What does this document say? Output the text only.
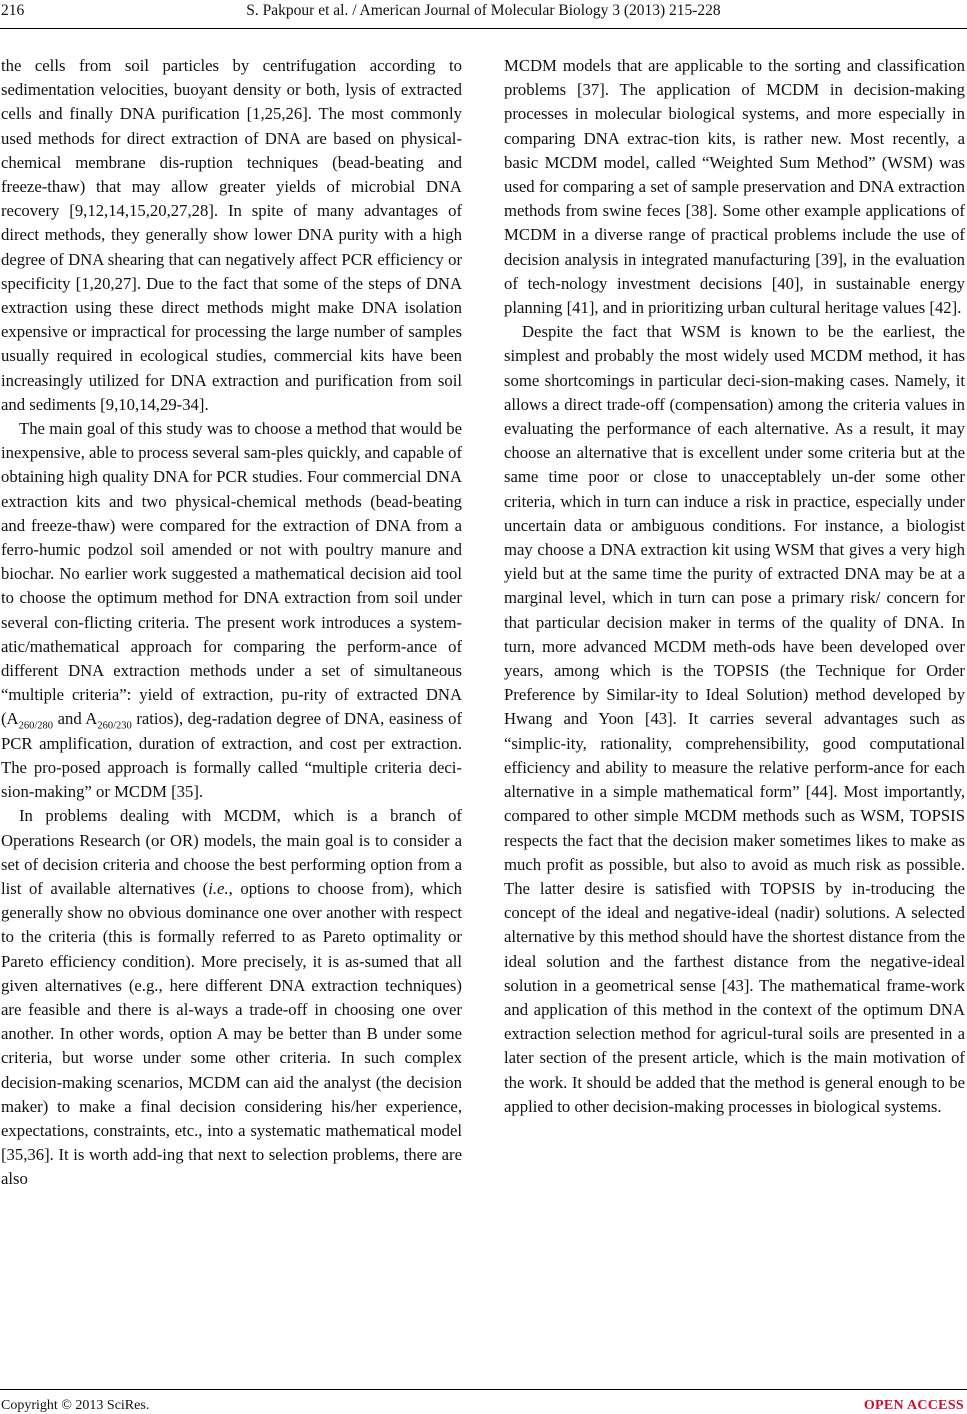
216	S. Pakpour et al. / American Journal of Molecular Biology 3 (2013) 215-228

the cells from soil particles by centrifugation according to sedimentation velocities, buoyant density or both, lysis of extracted cells and finally DNA purification [1,25,26]. The most commonly used methods for direct extraction of DNA are based on physical-chemical membrane dis-ruption techniques (bead-beating and freeze-thaw) that may allow greater yields of microbial DNA recovery [9,12,14,15,20,27,28]. In spite of many advantages of direct methods, they generally show lower DNA purity with a high degree of DNA shearing that can negatively affect PCR efficiency or specificity [1,20,27]. Due to the fact that some of the steps of DNA extraction using these direct methods might make DNA isolation expensive or impractical for processing the large number of samples usually required in ecological studies, commercial kits have been increasingly utilized for DNA extraction and purification from soil and sediments [9,10,14,29-34].

The main goal of this study was to choose a method that would be inexpensive, able to process several sam-ples quickly, and capable of obtaining high quality DNA for PCR studies. Four commercial DNA extraction kits and two physical-chemical methods (bead-beating and freeze-thaw) were compared for the extraction of DNA from a ferro-humic podzol soil amended or not with poultry manure and biochar. No earlier work suggested a mathematical decision aid tool to choose the optimum method for DNA extraction from soil under several con-flicting criteria. The present work introduces a system-atic/mathematical approach for comparing the perform-ance of different DNA extraction methods under a set of simultaneous “multiple criteria”: yield of extraction, pu-rity of extracted DNA ($A_{260/280}$ and $A_{260/230}$ ratios), deg-radation degree of DNA, easiness of PCR amplification, duration of extraction, and cost per extraction. The pro-posed approach is formally called “multiple criteria deci-sion-making” or MCDM [35].

In problems dealing with MCDM, which is a branch of Operations Research (or OR) models, the main goal is to consider a set of decision criteria and choose the best performing option from a list of available alternatives (i.e., options to choose from), which generally show no obvious dominance one over another with respect to the criteria (this is formally referred to as Pareto optimality or Pareto efficiency condition). More precisely, it is as-sumed that all given alternatives (e.g., here different DNA extraction techniques) are feasible and there is al-ways a trade-off in choosing one over another. In other words, option A may be better than B under some criteria, but worse under some other criteria. In such complex decision-making scenarios, MCDM can aid the analyst (the decision maker) to make a final decision considering his/her experience, expectations, constraints, etc., into a systematic mathematical model [35,36]. It is worth add-ing that next to selection problems, there are also

MCDM models that are applicable to the sorting and classification problems [37]. The application of MCDM in decision-making processes in molecular biological systems, and more especially in comparing DNA extrac-tion kits, is rather new. Most recently, a basic MCDM model, called “Weighted Sum Method” (WSM) was used for comparing a set of sample preservation and DNA extraction methods from swine feces [38]. Some other example applications of MCDM in a diverse range of practical problems include the use of decision analysis in integrated manufacturing [39], in the evaluation of tech-nology investment decisions [40], in sustainable energy planning [41], and in prioritizing urban cultural heritage values [42].

Despite the fact that WSM is known to be the earliest, the simplest and probably the most widely used MCDM method, it has some shortcomings in particular deci-sion-making cases. Namely, it allows a direct trade-off (compensation) among the criteria values in evaluating the performance of each alternative. As a result, it may choose an alternative that is excellent under some criteria but at the same time poor or close to unacceptablely un-der some other criteria, which in turn can induce a risk in practice, especially under uncertain data or ambiguous conditions. For instance, a biologist may choose a DNA extraction kit using WSM that gives a very high yield but at the same time the purity of extracted DNA may be at a marginal level, which in turn can pose a primary risk/ concern for that particular decision maker in terms of the quality of DNA. In turn, more advanced MCDM meth-ods have been developed over years, among which is the TOPSIS (the Technique for Order Preference by Similar-ity to Ideal Solution) method developed by Hwang and Yoon [43]. It carries several advantages such as “simplic-ity, rationality, comprehensibility, good computational efficiency and ability to measure the relative perform-ance for each alternative in a simple mathematical form” [44]. Most importantly, compared to other simple MCDM methods such as WSM, TOPSIS respects the fact that the decision maker sometimes likes to make as much profit as possible, but also to avoid as much risk as possible. The latter desire is satisfied with TOPSIS by in-troducing the concept of the ideal and negative-ideal (nadir) solutions. A selected alternative by this method should have the shortest distance from the ideal solution and the farthest distance from the negative-ideal solution in a geometrical sense [43]. The mathematical frame-work and application of this method in the context of the optimum DNA extraction selection method for agricul-tural soils are presented in a later section of the present article, which is the main motivation of the work. It should be added that the method is general enough to be applied to other decision-making processes in biological systems.

Copyright © 2013 SciRes.	OPEN ACCESS
